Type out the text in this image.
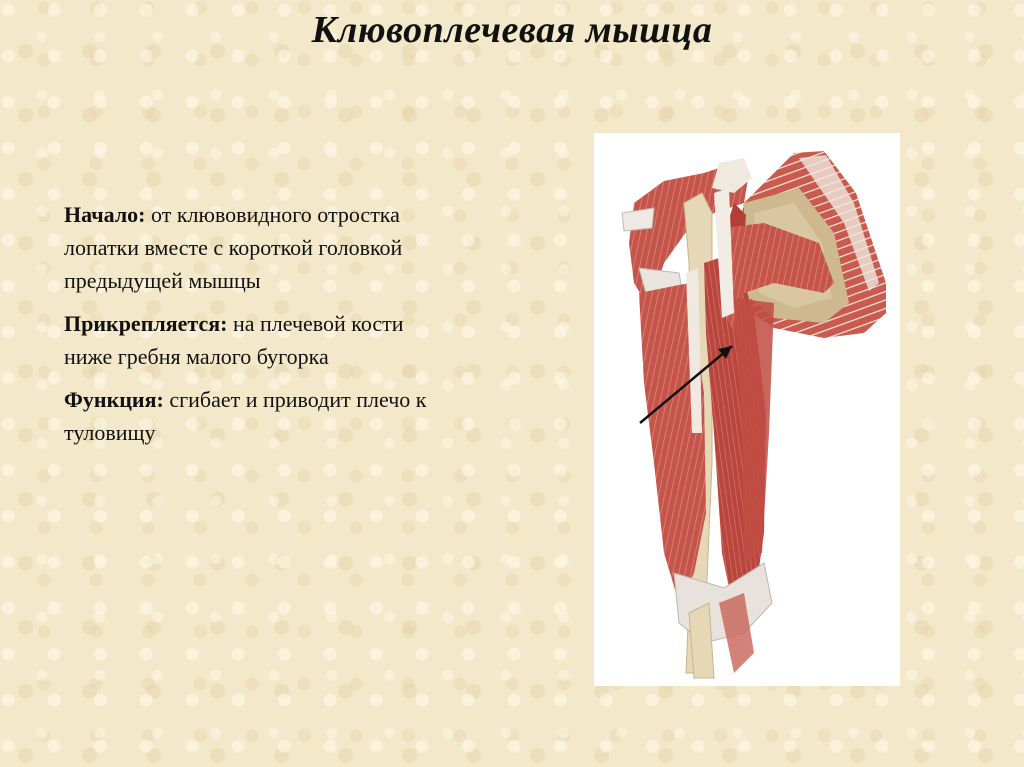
Клювоплечевая мышца

Начало: от клювовидного отростка лопатки вместе с короткой головкой предыдущей мышцы

Прикрепляется: на плечевой кости ниже гребня малого бугорка

Функция: сгибает и приводит плечо к туловищу
